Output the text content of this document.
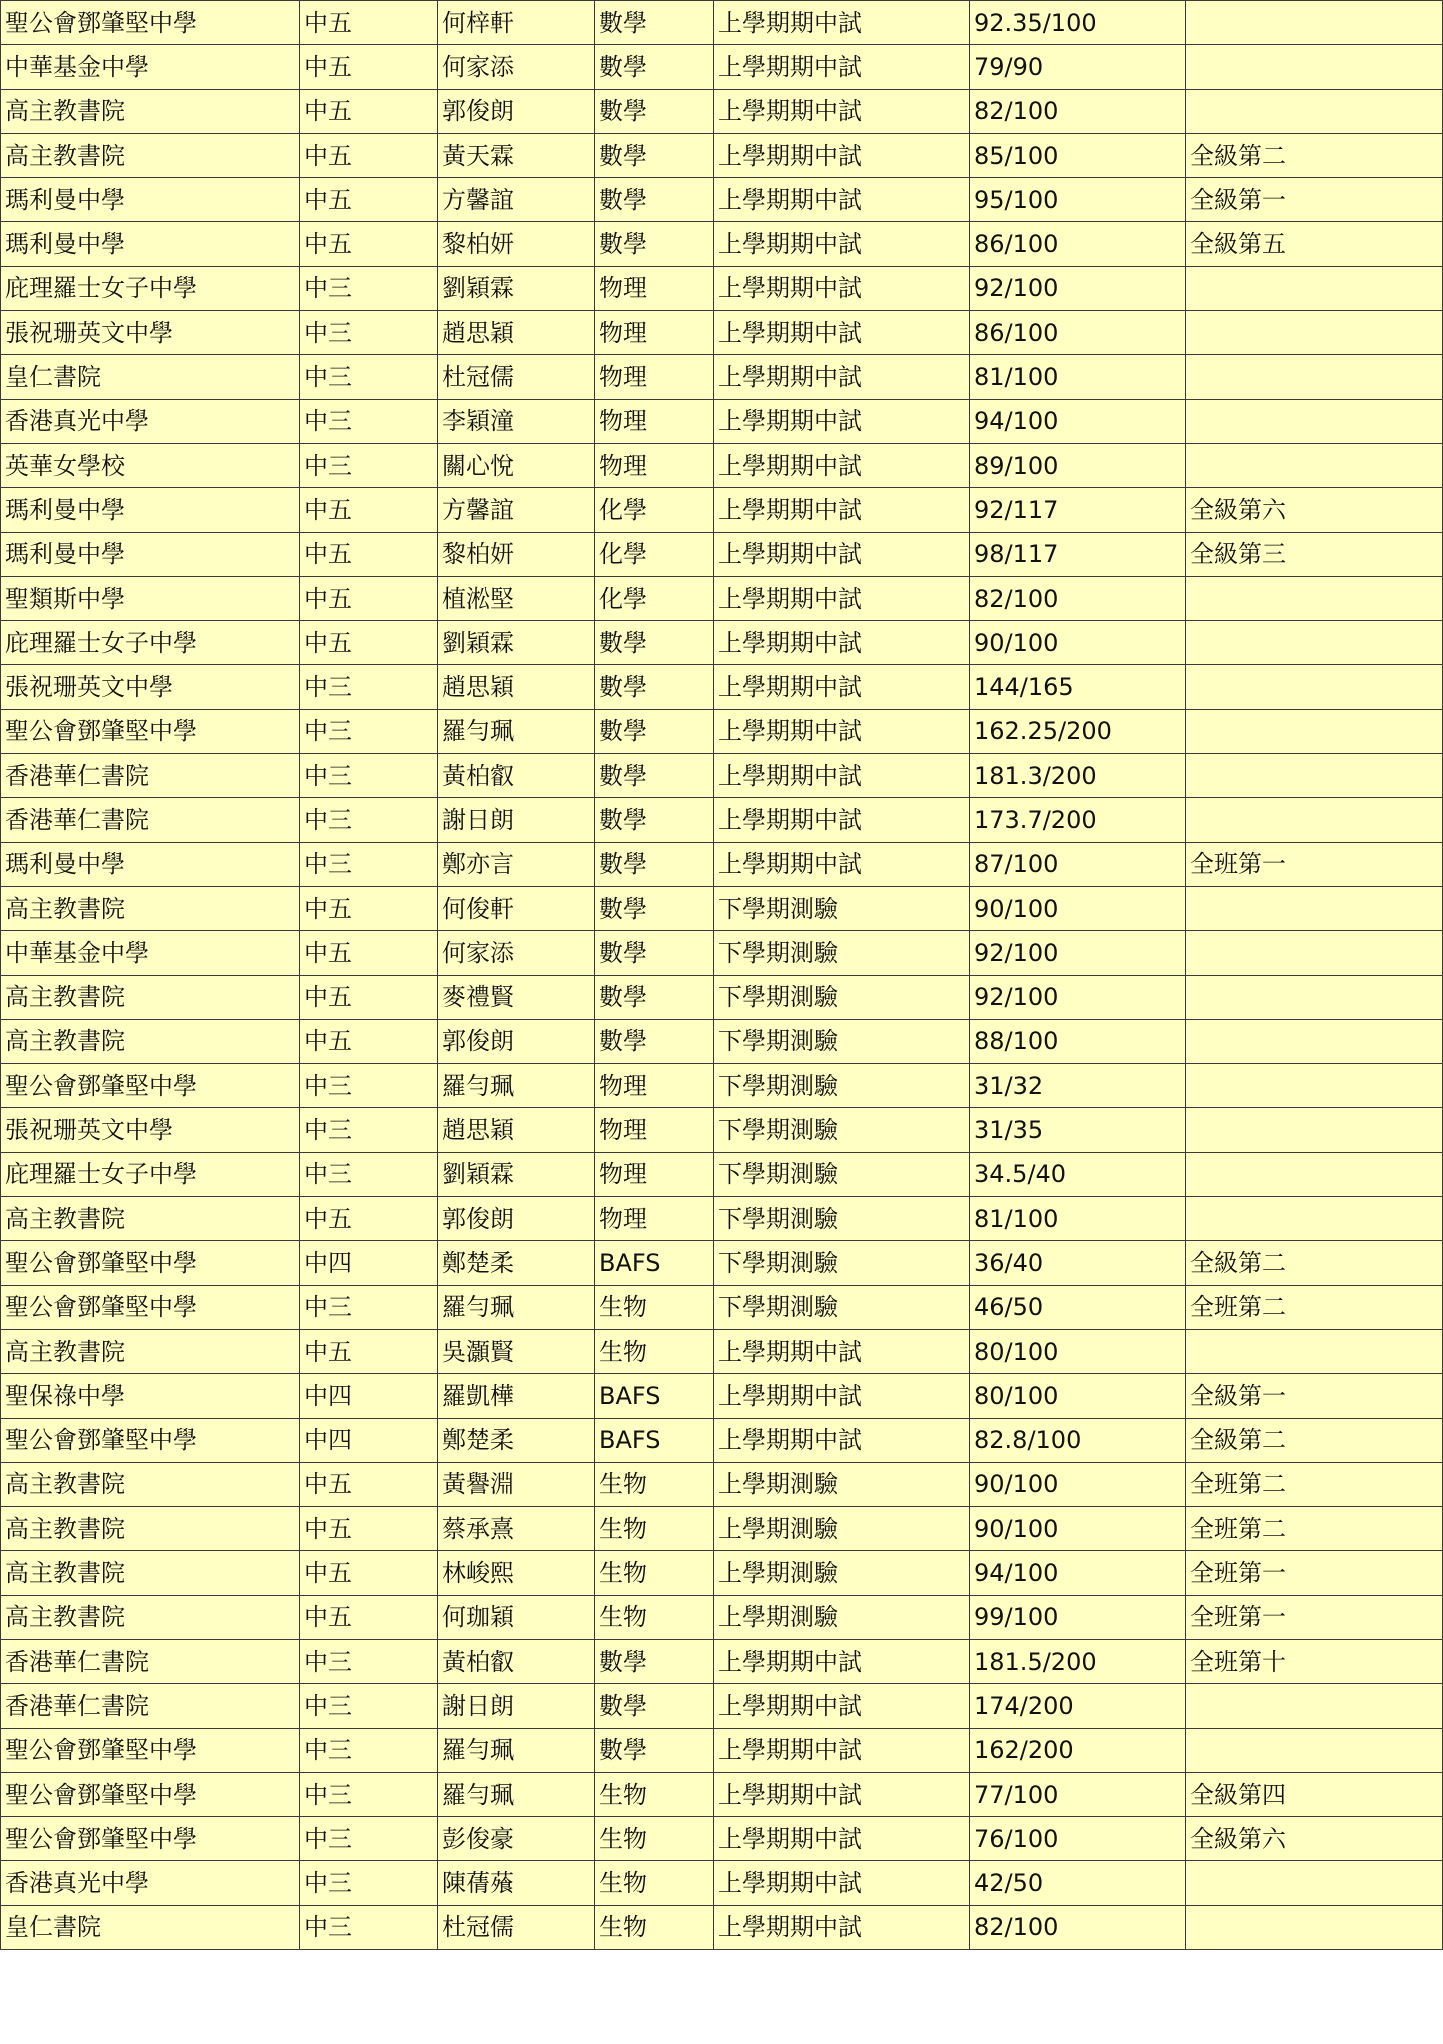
聖公會鄧肇堅中學	中五	何梓軒	數學	上學期期中試	92.35/100	
中華基金中學	中五	何家添	數學	上學期期中試	79/90	
高主教書院	中五	郭俊朗	數學	上學期期中試	82/100	
高主教書院	中五	黃天霖	數學	上學期期中試	85/100	全級第二
瑪利曼中學	中五	方馨誼	數學	上學期期中試	95/100	全級第一
瑪利曼中學	中五	黎柏妍	數學	上學期期中試	86/100	全級第五
庇理羅士女子中學	中三	劉穎霖	物理	上學期期中試	92/100	
張祝珊英文中學	中三	趙思穎	物理	上學期期中試	86/100	
皇仁書院	中三	杜冠儒	物理	上學期期中試	81/100	
香港真光中學	中三	李穎潼	物理	上學期期中試	94/100	
英華女學校	中三	關心悅	物理	上學期期中試	89/100	
瑪利曼中學	中五	方馨誼	化學	上學期期中試	92/117	全級第六
瑪利曼中學	中五	黎柏妍	化學	上學期期中試	98/117	全級第三
聖類斯中學	中五	植淞堅	化學	上學期期中試	82/100	
庇理羅士女子中學	中五	劉穎霖	數學	上學期期中試	90/100	
張祝珊英文中學	中三	趙思穎	數學	上學期期中試	144/165	
聖公會鄧肇堅中學	中三	羅勻珮	數學	上學期期中試	162.25/200	
香港華仁書院	中三	黃柏叡	數學	上學期期中試	181.3/200	
香港華仁書院	中三	謝日朗	數學	上學期期中試	173.7/200	
瑪利曼中學	中三	鄭亦言	數學	上學期期中試	87/100	全班第一
高主教書院	中五	何俊軒	數學	下學期測驗	90/100	
中華基金中學	中五	何家添	數學	下學期測驗	92/100	
高主教書院	中五	麥禮賢	數學	下學期測驗	92/100	
高主教書院	中五	郭俊朗	數學	下學期測驗	88/100	
聖公會鄧肇堅中學	中三	羅勻珮	物理	下學期測驗	31/32	
張祝珊英文中學	中三	趙思穎	物理	下學期測驗	31/35	
庇理羅士女子中學	中三	劉穎霖	物理	下學期測驗	34.5/40	
高主教書院	中五	郭俊朗	物理	下學期測驗	81/100	
聖公會鄧肇堅中學	中四	鄭楚柔	BAFS	下學期測驗	36/40	全級第二
聖公會鄧肇堅中學	中三	羅勻珮	生物	下學期測驗	46/50	全班第二
高主教書院	中五	吳灝賢	生物	上學期期中試	80/100	
聖保祿中學	中四	羅凱樺	BAFS	上學期期中試	80/100	全級第一
聖公會鄧肇堅中學	中四	鄭楚柔	BAFS	上學期期中試	82.8/100	全級第二
高主教書院	中五	黃譽淵	生物	上學期測驗	90/100	全班第二
高主教書院	中五	蔡承熹	生物	上學期測驗	90/100	全班第二
高主教書院	中五	林峻熙	生物	上學期測驗	94/100	全班第一
高主教書院	中五	何珈穎	生物	上學期測驗	99/100	全班第一
香港華仁書院	中三	黃柏叡	數學	上學期期中試	181.5/200	全班第十
香港華仁書院	中三	謝日朗	數學	上學期期中試	174/200	
聖公會鄧肇堅中學	中三	羅勻珮	數學	上學期期中試	162/200	
聖公會鄧肇堅中學	中三	羅勻珮	生物	上學期期中試	77/100	全級第四
聖公會鄧肇堅中學	中三	彭俊豪	生物	上學期期中試	76/100	全級第六
香港真光中學	中三	陳蒨蕵	生物	上學期期中試	42/50	
皇仁書院	中三	杜冠儒	生物	上學期期中試	82/100	
